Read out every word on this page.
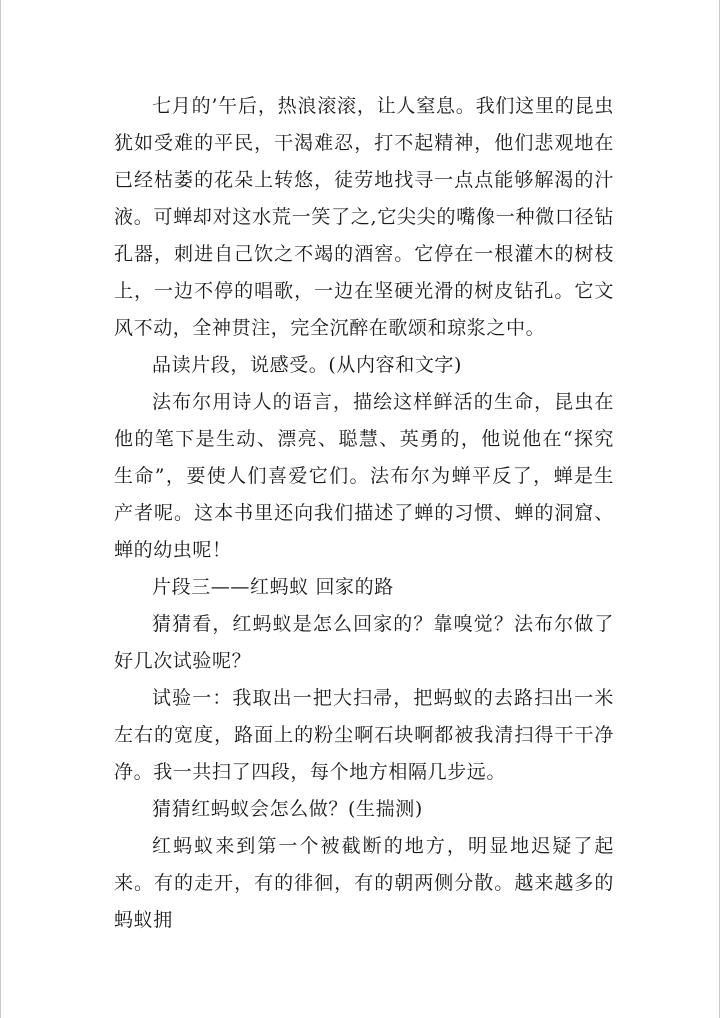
七月的’午后，热浪滚滚，让人窒息。我们这里的昆虫犹如受难的平民，干渴难忍，打不起精神，他们悲观地在已经枯萎的花朵上转悠，徒劳地找寻一点点能够解渴的汁液。可蝉却对这水荒一笑了之,它尖尖的嘴像一种微口径钻孔器，刺进自己饮之不竭的酒窖。它停在一根灌木的树枝上，一边不停的唱歌，一边在坚硬光滑的树皮钻孔。它文风不动，全神贯注，完全沉醉在歌颂和琼浆之中。

品读片段，说感受。(从内容和文字)

法布尔用诗人的语言，描绘这样鲜活的生命，昆虫在他的笔下是生动、漂亮、聪慧、英勇的，他说他在“探究生命”，要使人们喜爱它们。法布尔为蝉平反了，蝉是生产者呢。这本书里还向我们描述了蝉的习惯、蝉的洞窟、蝉的幼虫呢！

片段三——红蚂蚁 回家的路

猜猜看，红蚂蚁是怎么回家的？靠嗅觉？法布尔做了好几次试验呢？

试验一：我取出一把大扫帚，把蚂蚁的去路扫出一米左右的宽度，路面上的粉尘啊石块啊都被我清扫得干干净净。我一共扫了四段，每个地方相隔几步远。

猜猜红蚂蚁会怎么做？(生揣测)

红蚂蚁来到第一个被截断的地方，明显地迟疑了起来。有的走开，有的徘徊，有的朝两侧分散。越来越多的蚂蚁拥
